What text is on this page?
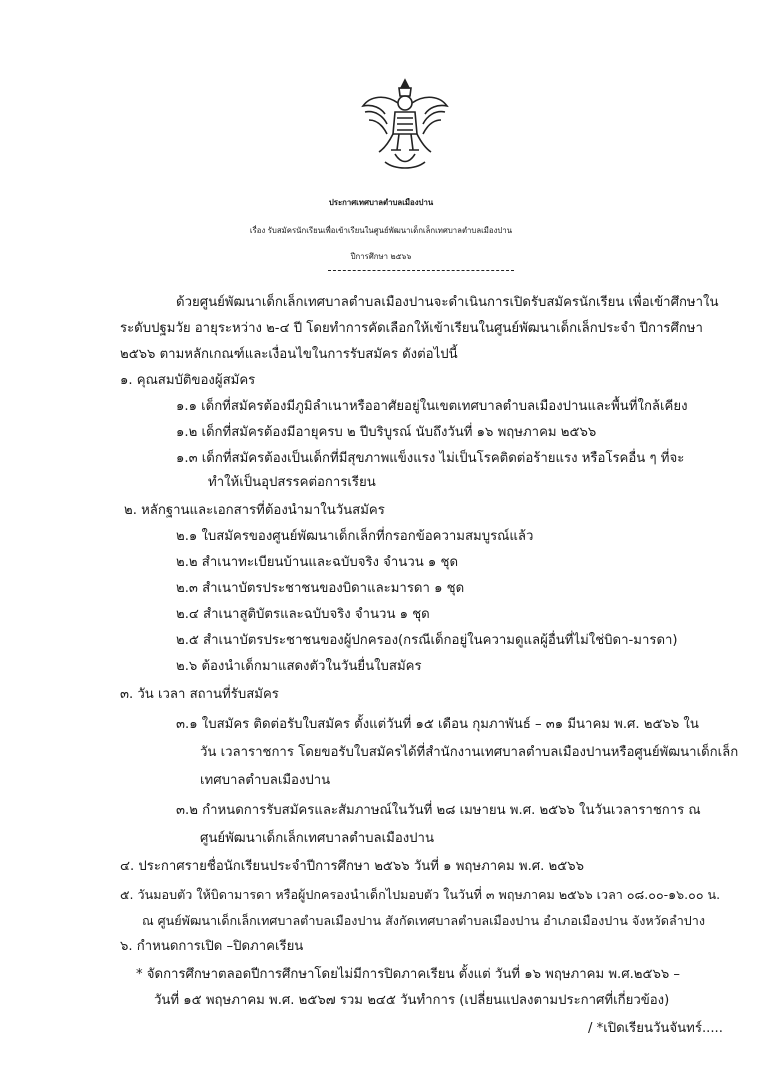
ประกาศเทศบาลตำบลเมืองปาน
เรื่อง รับสมัครนักเรียนเพื่อเข้าเรียนในศูนย์พัฒนาเด็กเล็กเทศบาลตำบลเมืองปาน
ปีการศึกษา ๒๕๖๖
ด้วยศูนย์พัฒนาเด็กเล็กเทศบาลตำบลเมืองปานจะดำเนินการเปิดรับสมัครนักเรียน เพื่อเข้าศึกษาใน
ระดับปฐมวัย อายุระหว่าง ๒-๔ ปี โดยทำการคัดเลือกให้เข้าเรียนในศูนย์พัฒนาเด็กเล็กประจำ ปีการศึกษา
๒๕๖๖ ตามหลักเกณฑ์และเงื่อนไขในการรับสมัคร ดังต่อไปนี้
๑. คุณสมบัติของผู้สมัคร
๑.๑ เด็กที่สมัครต้องมีภูมิลำเนาหรืออาศัยอยู่ในเขตเทศบาลตำบลเมืองปานและพื้นที่ใกล้เคียง
๑.๒ เด็กที่สมัครต้องมีอายุครบ ๒ ปีบริบูรณ์ นับถึงวันที่ ๑๖ พฤษภาคม ๒๕๖๖
๑.๓ เด็กที่สมัครต้องเป็นเด็กที่มีสุขภาพแข็งแรง ไม่เป็นโรคติดต่อร้ายแรง หรือโรคอื่น ๆ ที่จะ
ทำให้เป็นอุปสรรคต่อการเรียน
๒. หลักฐานและเอกสารที่ต้องนำมาในวันสมัคร
๒.๑ ใบสมัครของศูนย์พัฒนาเด็กเล็กที่กรอกข้อความสมบูรณ์แล้ว
๒.๒ สำเนาทะเบียนบ้านและฉบับจริง จำนวน ๑ ชุด
๒.๓ สำเนาบัตรประชาชนของบิดาและมารดา ๑ ชุด
๒.๔ สำเนาสูติบัตรและฉบับจริง จำนวน ๑ ชุด
๒.๕ สำเนาบัตรประชาชนของผู้ปกครอง(กรณีเด็กอยู่ในความดูแลผู้อื่นที่ไม่ใช่บิดา-มารดา)
๒.๖ ต้องนำเด็กมาแสดงตัวในวันยื่นใบสมัคร
๓. วัน เวลา สถานที่รับสมัคร
๓.๑ ใบสมัคร ติดต่อรับใบสมัคร ตั้งแต่วันที่ ๑๕ เดือน กุมภาพันธ์ – ๓๑ มีนาคม พ.ศ. ๒๕๖๖ ใน
วัน เวลาราชการ โดยขอรับใบสมัครได้ที่สำนักงานเทศบาลตำบลเมืองปานหรือศูนย์พัฒนาเด็กเล็ก
เทศบาลตำบลเมืองปาน
๓.๒ กำหนดการรับสมัครและสัมภาษณ์ในวันที่ ๒๘ เมษายน พ.ศ. ๒๕๖๖ ในวันเวลาราชการ ณ
ศูนย์พัฒนาเด็กเล็กเทศบาลตำบลเมืองปาน
๔. ประกาศรายชื่อนักเรียนประจำปีการศึกษา ๒๕๖๖ วันที่ ๑ พฤษภาคม พ.ศ. ๒๕๖๖
๕. วันมอบตัว ให้บิดามารดา หรือผู้ปกครองนำเด็กไปมอบตัว ในวันที่ ๓ พฤษภาคม ๒๕๖๖ เวลา ๐๘.๐๐-๑๖.๐๐ น.
ณ ศูนย์พัฒนาเด็กเล็กเทศบาลตำบลเมืองปาน สังกัดเทศบาลตำบลเมืองปาน อำเภอเมืองปาน จังหวัดลำปาง
๖. กำหนดการเปิด –ปิดภาคเรียน
* จัดการศึกษาตลอดปีการศึกษาโดยไม่มีการปิดภาคเรียน ตั้งแต่ วันที่ ๑๖ พฤษภาคม พ.ศ.๒๕๖๖ –
วันที่ ๑๕ พฤษภาคม พ.ศ. ๒๕๖๗ รวม ๒๔๕ วันทำการ (เปลี่ยนแปลงตามประกาศที่เกี่ยวข้อง)
/ *เปิดเรียนวันจันทร์.....
